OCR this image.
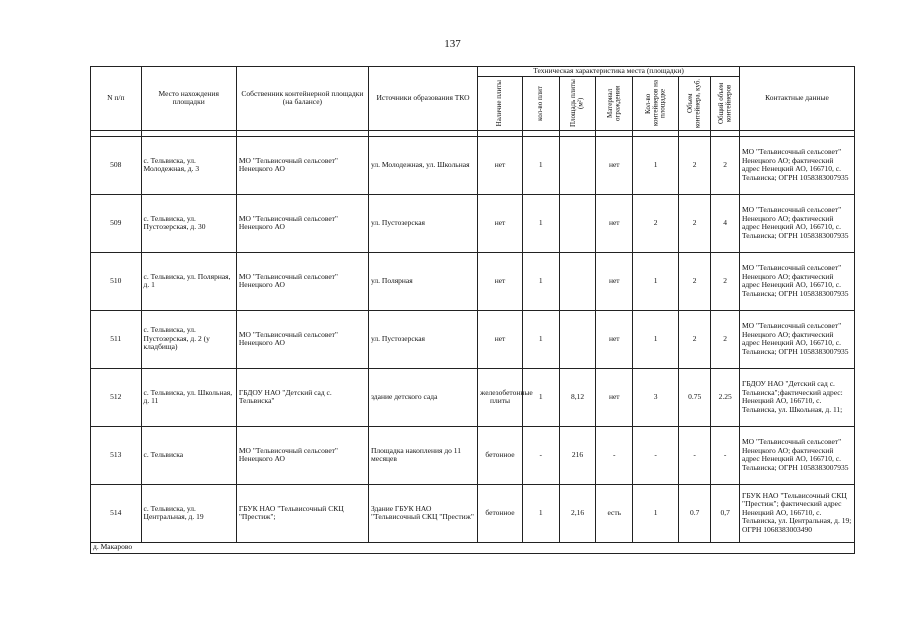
137
N п/п	Место нахождения площадки	Собственник контейнерной площадки (на балансе)	Источники образования ТКО	Техническая характеристика места (площадки)							Контактные данные

				Наличие плиты	кол-во плит	Площадь плиты (м²)	Материал ограждения	Кол-во контейнеров на площадке	Объем контейнера, куб.	Общий объем контейнеров	

508	с. Тельвиска, ул. Молодежная, д. 3	МО "Тельвисочный сельсовет" Ненецкого АО	ул. Молодежная, ул. Школьная	нет	1		нет	1	2	2	МО "Тельвисочный сельсовет" Ненецкого АО; фактический адрес Ненецкий АО, 166710, с. Тельвиска; ОГРН 1058383007935
509	с. Тельвиска, ул. Пустозерская, д. 30	МО "Тельвисочный сельсовет" Ненецкого АО	ул. Пустозерская	нет	1		нет	2	2	4	МО "Тельвисочный сельсовет" Ненецкого АО; фактический адрес Ненецкий АО, 166710, с. Тельвиска; ОГРН 1058383007935
510	с. Тельвиска, ул. Полярная, д. 1	МО "Тельвисочный сельсовет" Ненецкого АО	ул. Полярная	нет	1		нет	1	2	2	МО "Тельвисочный сельсовет" Ненецкого АО; фактический адрес Ненецкий АО, 166710, с. Тельвиска; ОГРН 1058383007935
511	с. Тельвиска, ул. Пустозерская, д. 2 (у кладбища)	МО "Тельвисочный сельсовет" Ненецкого АО	ул. Пустозерская	нет	1		нет	1	2	2	МО "Тельвисочный сельсовет" Ненецкого АО; фактический адрес Ненецкий АО, 166710, с. Тельвиска; ОГРН 1058383007935
512	с. Тельвиска, ул. Школьная, д. 11	ГБДОУ НАО "Детский сад с. Тельвиска"	здание детского сада	железобетонные плиты	1	8,12	нет	3	0.75	2.25	ГБДОУ НАО "Детский сад с. Тельвиска";фактический адрес: Ненецкий АО, 166710, с. Тельвиска, ул. Школьная, д. 11;
513	с. Тельвиска	МО "Тельвисочный сельсовет" Ненецкого АО	Площадка накопления до 11 месяцев	бетонное	-	216	-	-	-	-	МО "Тельвисочный сельсовет" Ненецкого АО; фактический адрес Ненецкий АО, 166710, с. Тельвиска; ОГРН 1058383007935
514	с. Тельвиска, ул. Центральная, д. 19	ГБУК НАО "Тельвисочный СКЦ "Престиж";	Здание ГБУК НАО "Тельвисочный СКЦ "Престиж"	бетонное	1	2,16	есть	1	0.7	0,7	ГБУК НАО "Тельвисочный СКЦ "Престиж"; фактический адрес Ненецкий АО, 166710, с. Тельвиска, ул. Центральная, д. 19; ОГРН 1068383003490
д. Макарово											
